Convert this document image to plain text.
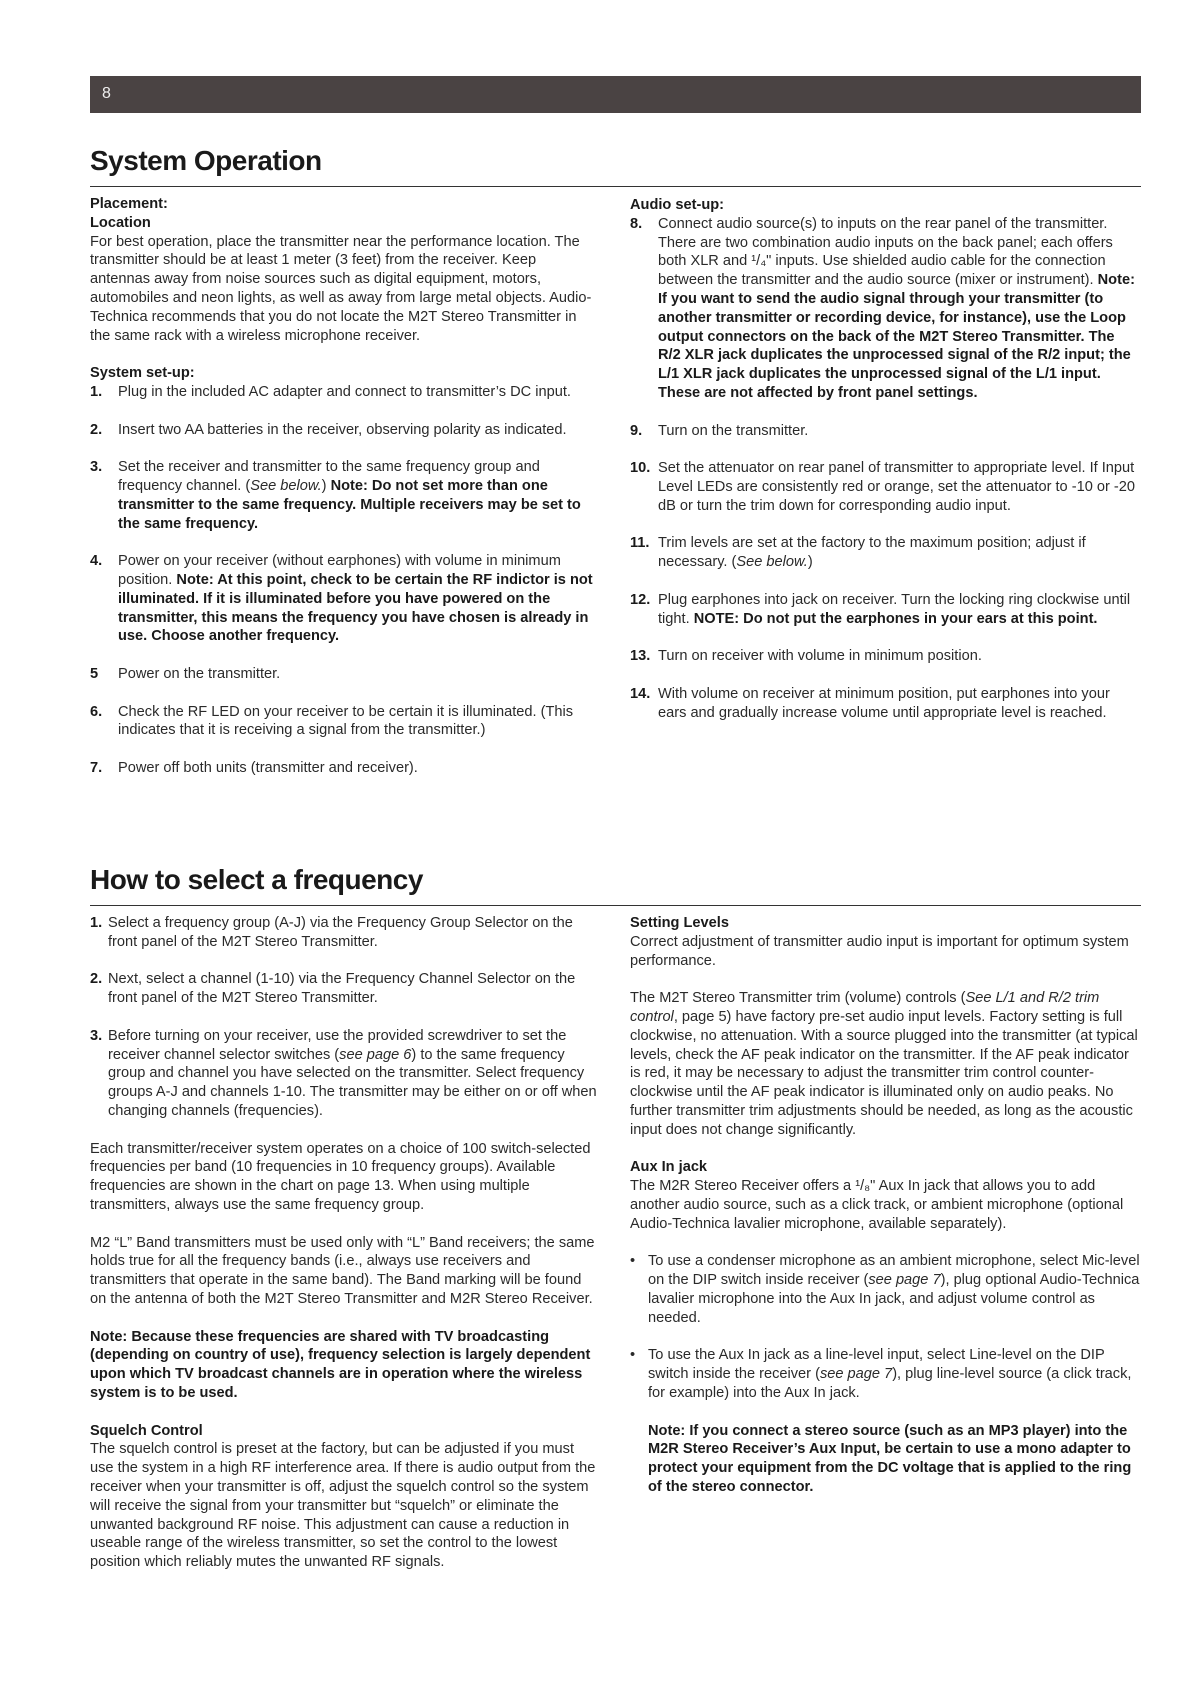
8
System Operation

Placement:

Location

For best operation, place the transmitter near the performance location. The transmitter should be at least 1 meter (3 feet) from the receiver. Keep antennas away from noise sources such as digital equipment, motors, automobiles and neon lights, as well as away from large metal objects. Audio-Technica recommends that you do not locate the M2T Stereo Transmitter in the same rack with a wireless microphone receiver.

System set-up:

1.	Plug in the included AC adapter and connect to transmitter’s DC input.
2.	Insert two AA batteries in the receiver, observing polarity as indicated.
3.	Set the receiver and transmitter to the same frequency group and frequency channel. (See below.) Note: Do not set more than one transmitter to the same frequency. Multiple receivers may be set to the same frequency.
4.	Power on your receiver (without earphones) with volume in minimum position. Note: At this point, check to be certain the RF indictor is not illuminated. If it is illuminated before you have powered on the transmitter, this means the frequency you have chosen is already in use. Choose another frequency.
5	Power on the transmitter.
6.	Check the RF LED on your receiver to be certain it is illuminated. (This indicates that it is receiving a signal from the transmitter.)
7.	Power off both units (transmitter and receiver).

Audio set-up:

8.	Connect audio source(s) to inputs on the rear panel of the transmitter. There are two combination audio inputs on the back panel; each offers both XLR and ¹/₄" inputs. Use shielded audio cable for the connection between the transmitter and the audio source (mixer or instrument). Note: If you want to send the audio signal through your transmitter (to another transmitter or recording device, for instance), use the Loop output connectors on the back of the M2T Stereo Transmitter. The R/2 XLR jack duplicates the unprocessed signal of the R/2 input; the L/1 XLR jack duplicates the unprocessed signal of the L/1 input. These are not affected by front panel settings.
9.	Turn on the transmitter.
10. Set the attenuator on rear panel of transmitter to appropriate level. If Input Level LEDs are consistently red or orange, set the attenuator to -10 or -20 dB or turn the trim down for corresponding audio input.
11. Trim levels are set at the factory to the maximum position; adjust if necessary. (See below.)
12. Plug earphones into jack on receiver. Turn the locking ring clockwise until tight. NOTE: Do not put the earphones in your ears at this point.
13. Turn on receiver with volume in minimum position.
14. With volume on receiver at minimum position, put earphones into your ears and gradually increase volume until appropriate level is reached.
How to select a frequency
1. Select a frequency group (A-J) via the Frequency Group Selector on the front panel of the M2T Stereo Transmitter.
2. Next, select a channel (1-10) via the Frequency Channel Selector on the front panel of the M2T Stereo Transmitter.
3. Before turning on your receiver, use the provided screwdriver to set the receiver channel selector switches (see page 6) to the same frequency group and channel you have selected on the transmitter. Select frequency groups A-J and channels 1-10. The transmitter may be either on or off when changing channels (frequencies).

Each transmitter/receiver system operates on a choice of 100 switch-selected frequencies per band (10 frequencies in 10 frequency groups). Available frequencies are shown in the chart on page 13. When using multiple transmitters, always use the same frequency group.

M2 “L” Band transmitters must be used only with “L” Band receivers; the same holds true for all the frequency bands (i.e., always use receivers and transmitters that operate in the same band). The Band marking will be found on the antenna of both the M2T Stereo Transmitter and M2R Stereo Receiver.

Note: Because these frequencies are shared with TV broadcasting (depending on country of use), frequency selection is largely dependent upon which TV broadcast channels are in operation where the wireless system is to be used.

Squelch Control

The squelch control is preset at the factory, but can be adjusted if you must use the system in a high RF interference area. If there is audio output from the receiver when your transmitter is off, adjust the squelch control so the system will receive the signal from your transmitter but “squelch” or eliminate the unwanted background RF noise. This adjustment can cause a reduction in useable range of the wireless transmitter, so set the control to the lowest position which reliably mutes the unwanted RF signals.

Setting Levels

Correct adjustment of transmitter audio input is important for optimum system performance.

The M2T Stereo Transmitter trim (volume) controls (See L/1 and R/2 trim control, page 5) have factory pre-set audio input levels. Factory setting is full clockwise, no attenuation. With a source plugged into the transmitter (at typical levels, check the AF peak indicator on the transmitter. If the AF peak indicator is red, it may be necessary to adjust the transmitter trim control counter-clockwise until the AF peak indicator is illuminated only on audio peaks. No further transmitter trim adjustments should be needed, as long as the acoustic input does not change significantly.

Aux In jack

The M2R Stereo Receiver offers a ¹/₈" Aux In jack that allows you to add another audio source, such as a click track, or ambient microphone (optional Audio-Technica lavalier microphone, available separately).

• To use a condenser microphone as an ambient microphone, select Mic-level on the DIP switch inside receiver (see page 7), plug optional Audio-Technica lavalier microphone into the Aux In jack, and adjust volume control as needed.
• To use the Aux In jack as a line-level input, select Line-level on the DIP switch inside the receiver (see page 7), plug line-level source (a click track, for example) into the Aux In jack.

Note: If you connect a stereo source (such as an MP3 player) into the M2R Stereo Receiver’s Aux Input, be certain to use a mono adapter to protect your equipment from the DC voltage that is applied to the ring of the stereo connector.
